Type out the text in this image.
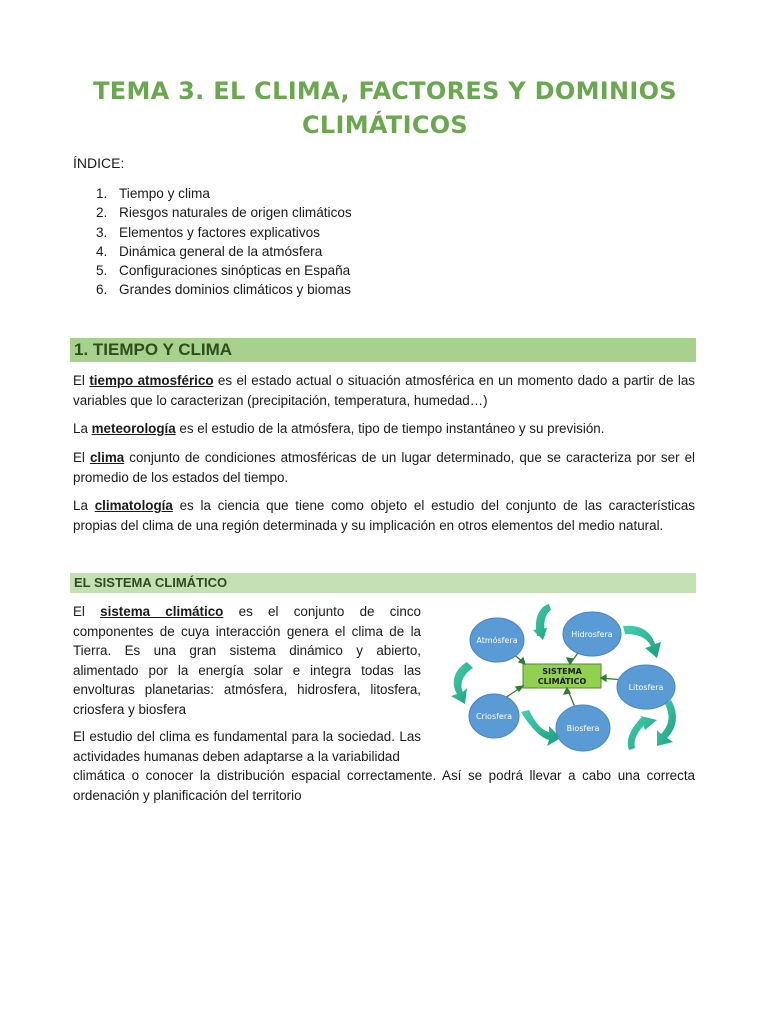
TEMA 3. EL CLIMA, FACTORES Y DOMINIOS
CLIMÁTICOS
ÍNDICE:
1. Tiempo y clima
2. Riesgos naturales de origen climáticos
3. Elementos y factores explicativos
4. Dinámica general de la atmósfera
5. Configuraciones sinópticas en España
6. Grandes dominios climáticos y biomas
1. TIEMPO Y CLIMA

El tiempo atmosférico es el estado actual o situación atmosférica en un momento dado a partir de las variables que lo caracterizan (precipitación, temperatura, humedad…)

La meteorología es el estudio de la atmósfera, tipo de tiempo instantáneo y su previsión.

El clima conjunto de condiciones atmosféricas de un lugar determinado, que se caracteriza por ser el promedio de los estados del tiempo.

La climatología es la ciencia que tiene como objeto el estudio del conjunto de las características propias del clima de una región determinada y su implicación en otros elementos del medio natural.

EL SISTEMA CLIMÁTICO

El sistema climático es el conjunto de cinco componentes de cuya interacción genera el clima de la Tierra. Es una gran sistema dinámico y abierto, alimentado por la energía solar e integra todas las envolturas planetarias: atmósfera, hidrosfera, litosfera, criosfera y biosfera

El estudio del clima es fundamental para la sociedad. Las actividades humanas deben adaptarse a la variabilidad

climática o conocer la distribución espacial correctamente. Así se podrá llevar a cabo una correcta ordenación y planificación del territorio

SISTEMA
CLIMÁTICO
Atmósfera
Hidrosfera
Litosfera
Biosfera
Criosfera
